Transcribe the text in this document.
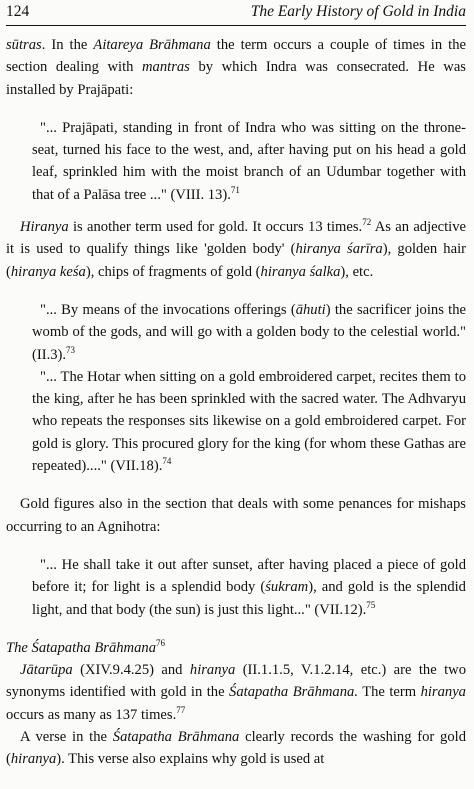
124	The Early History of Gold in India

sūtras. In the Aitareya Brāhmana the term occurs a couple of times in the section dealing with mantras by which Indra was consecrated. He was installed by Prajāpati:

"... Prajāpati, standing in front of Indra who was sitting on the throne-seat, turned his face to the west, and, after having put on his head a gold leaf, sprinkled him with the moist branch of an Udumbar together with that of a Palāsa tree ..." (VIII. 13).$^{71}$

Hiranya is another term used for gold. It occurs 13 times.$^{72}$ As an adjective it is used to qualify things like 'golden body' (hiranya śarīra), golden hair (hiranya keśa), chips of fragments of gold (hiranya śalka), etc.

"... By means of the invocations offerings (āhuti) the sacrificer joins the womb of the gods, and will go with a golden body to the celestial world." (II.3).$^{73}$

"... The Hotar when sitting on a gold embroidered carpet, recites them to the king, after he has been sprinkled with the sacred water. The Adhvaryu who repeats the responses sits likewise on a gold embroidered carpet. For gold is glory. This procured glory for the king (for whom these Gathas are repeated)...." (VII.18).$^{74}$

Gold figures also in the section that deals with some penances for mishaps occurring to an Agnihotra:

"... He shall take it out after sunset, after having placed a piece of gold before it; for light is a splendid body (śukram), and gold is the splendid light, and that body (the sun) is just this light..." (VII.12).$^{75}$

The Śatapatha Brāhmana$^{76}$

Jātarūpa (XIV.9.4.25) and hiranya (II.1.1.5, V.1.2.14, etc.) are the two synonyms identified with gold in the Śatapatha Brāhmana. The term hiranya occurs as many as 137 times.$^{77}$

A verse in the Śatapatha Brāhmana clearly records the washing for gold (hiranya). This verse also explains why gold is used at
